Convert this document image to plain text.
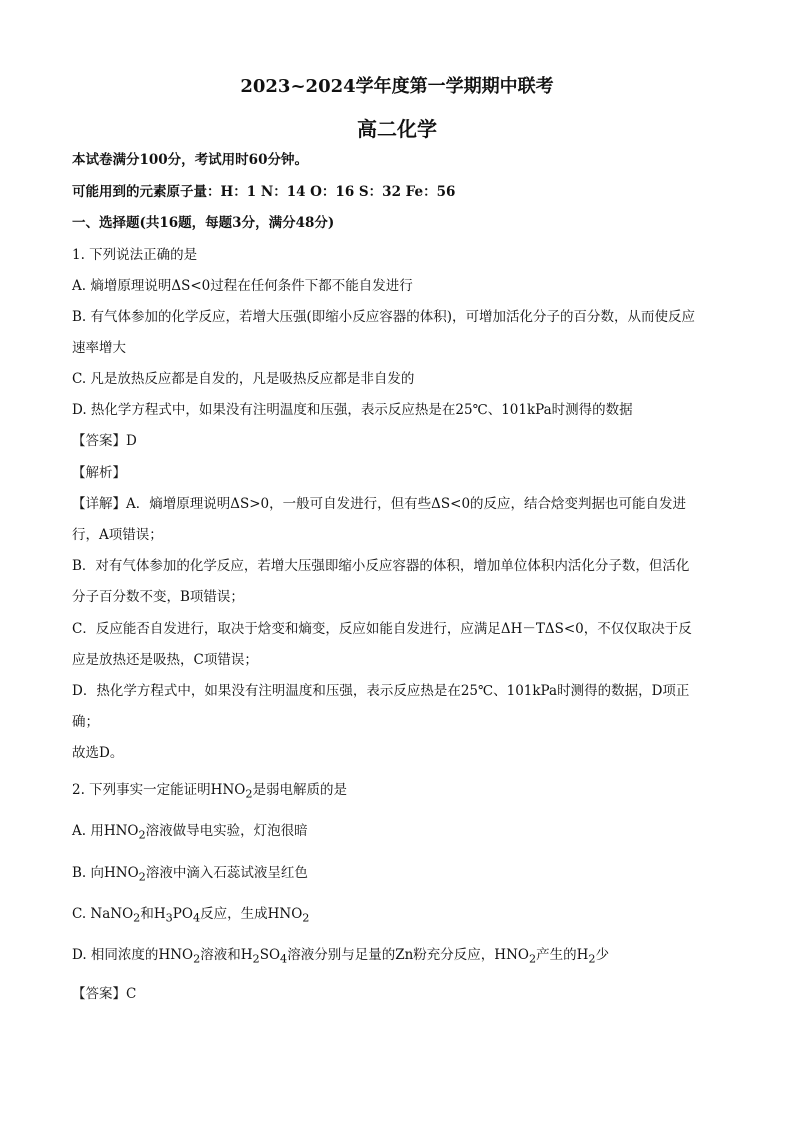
2023~2024学年度第一学期期中联考
高二化学
本试卷满分100分，考试用时60分钟。
可能用到的元素原子量：H：1 N：14 O：16 S：32 Fe：56
一、选择题(共16题，每题3分，满分48分)
1. 下列说法正确的是
A. 熵增原理说明ΔS<0过程在任何条件下都不能自发进行
B. 有气体参加的化学反应，若增大压强(即缩小反应容器的体积)，可增加活化分子的百分数，从而使反应
速率增大
C. 凡是放热反应都是自发的，凡是吸热反应都是非自发的
D. 热化学方程式中，如果没有注明温度和压强，表示反应热是在25℃、101kPa时测得的数据
【答案】D
【解析】
【详解】A．熵增原理说明ΔS>0，一般可自发进行，但有些ΔS<0的反应，结合焓变判据也可能自发进
行，A项错误；
B．对有气体参加的化学反应，若增大压强即缩小反应容器的体积，增加单位体积内活化分子数，但活化
分子百分数不变，B项错误；
C．反应能否自发进行，取决于焓变和熵变，反应如能自发进行，应满足ΔH－TΔS<0，不仅仅取决于反
应是放热还是吸热，C项错误；
D．热化学方程式中，如果没有注明温度和压强，表示反应热是在25℃、101kPa时测得的数据，D项正
确；
故选D。
2. 下列事实一定能证明$HNO_2$是弱电解质的是
A. 用$HNO_2$溶液做导电实验，灯泡很暗
B. 向$HNO_2$溶液中滴入石蕊试液呈红色
C. NaNO$_2$和$H_3PO_4$反应，生成$HNO_2$
D. 相同浓度的$HNO_2$溶液和$H_2SO_4$溶液分别与足量的Zn粉充分反应，$HNO_2$产生的$H_2$少
【答案】C
